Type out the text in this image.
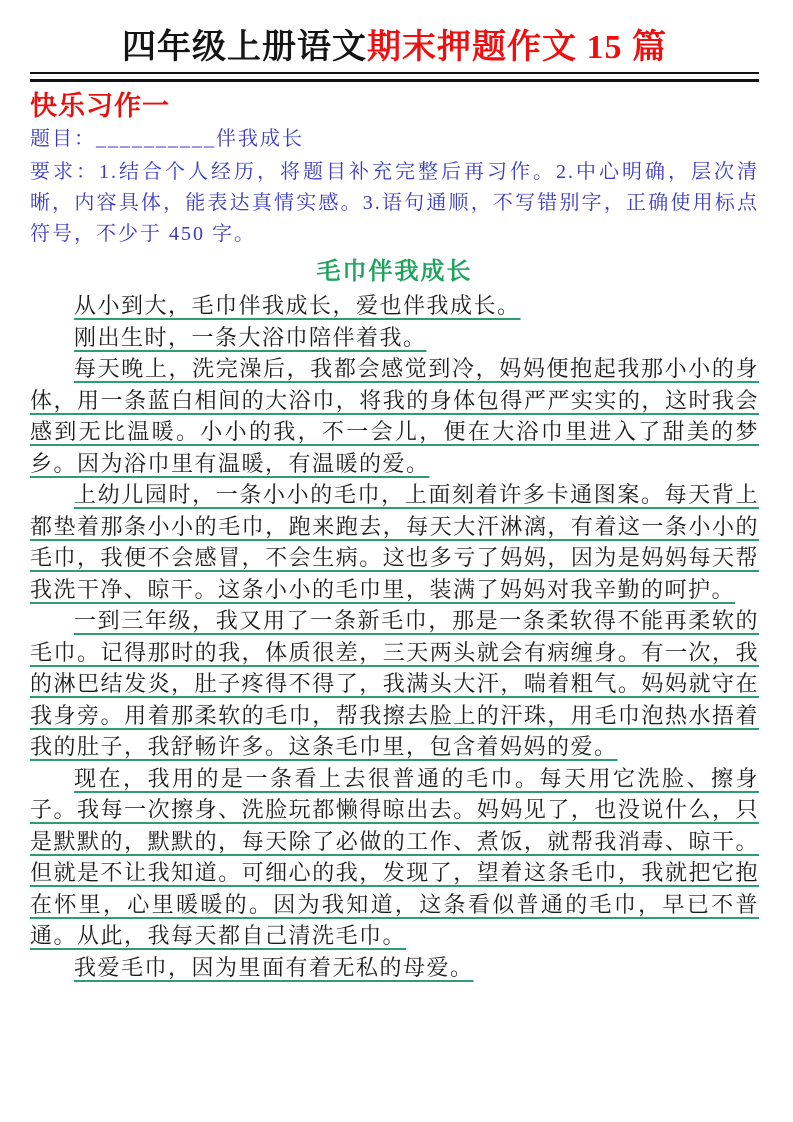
四年级上册语文期末押题作文 15 篇
快乐习作一

题目：__________伴我成长

要求：1.结合个人经历，将题目补充完整后再习作。2.中心明确，层次清晰，内容具体，能表达真情实感。3.语句通顺，不写错别字，正确使用标点符号，不少于 450 字。

毛巾伴我成长

从小到大，毛巾伴我成长，爱也伴我成长。

刚出生时，一条大浴巾陪伴着我。

每天晚上，洗完澡后，我都会感觉到冷，妈妈便抱起我那小小的身体，用一条蓝白相间的大浴巾，将我的身体包得严严实实的，这时我会感到无比温暖。小小的我，不一会儿，便在大浴巾里进入了甜美的梦乡。因为浴巾里有温暖，有温暖的爱。

上幼儿园时，一条小小的毛巾，上面刻着许多卡通图案。每天背上都垫着那条小小的毛巾，跑来跑去，每天大汗淋漓，有着这一条小小的毛巾，我便不会感冒，不会生病。这也多亏了妈妈，因为是妈妈每天帮我洗干净、晾干。这条小小的毛巾里，装满了妈妈对我辛勤的呵护。

一到三年级，我又用了一条新毛巾，那是一条柔软得不能再柔软的毛巾。记得那时的我，体质很差，三天两头就会有病缠身。有一次，我的淋巴结发炎，肚子疼得不得了，我满头大汗，喘着粗气。妈妈就守在我身旁。用着那柔软的毛巾，帮我擦去脸上的汗珠，用毛巾泡热水捂着我的肚子，我舒畅许多。这条毛巾里，包含着妈妈的爱。

现在，我用的是一条看上去很普通的毛巾。每天用它洗脸、擦身子。我每一次擦身、洗脸玩都懒得晾出去。妈妈见了，也没说什么，只是默默的，默默的，每天除了必做的工作、煮饭，就帮我消毒、晾干。但就是不让我知道。可细心的我，发现了，望着这条毛巾，我就把它抱在怀里，心里暖暖的。因为我知道，这条看似普通的毛巾，早已不普通。从此，我每天都自己清洗毛巾。

我爱毛巾，因为里面有着无私的母爱。
